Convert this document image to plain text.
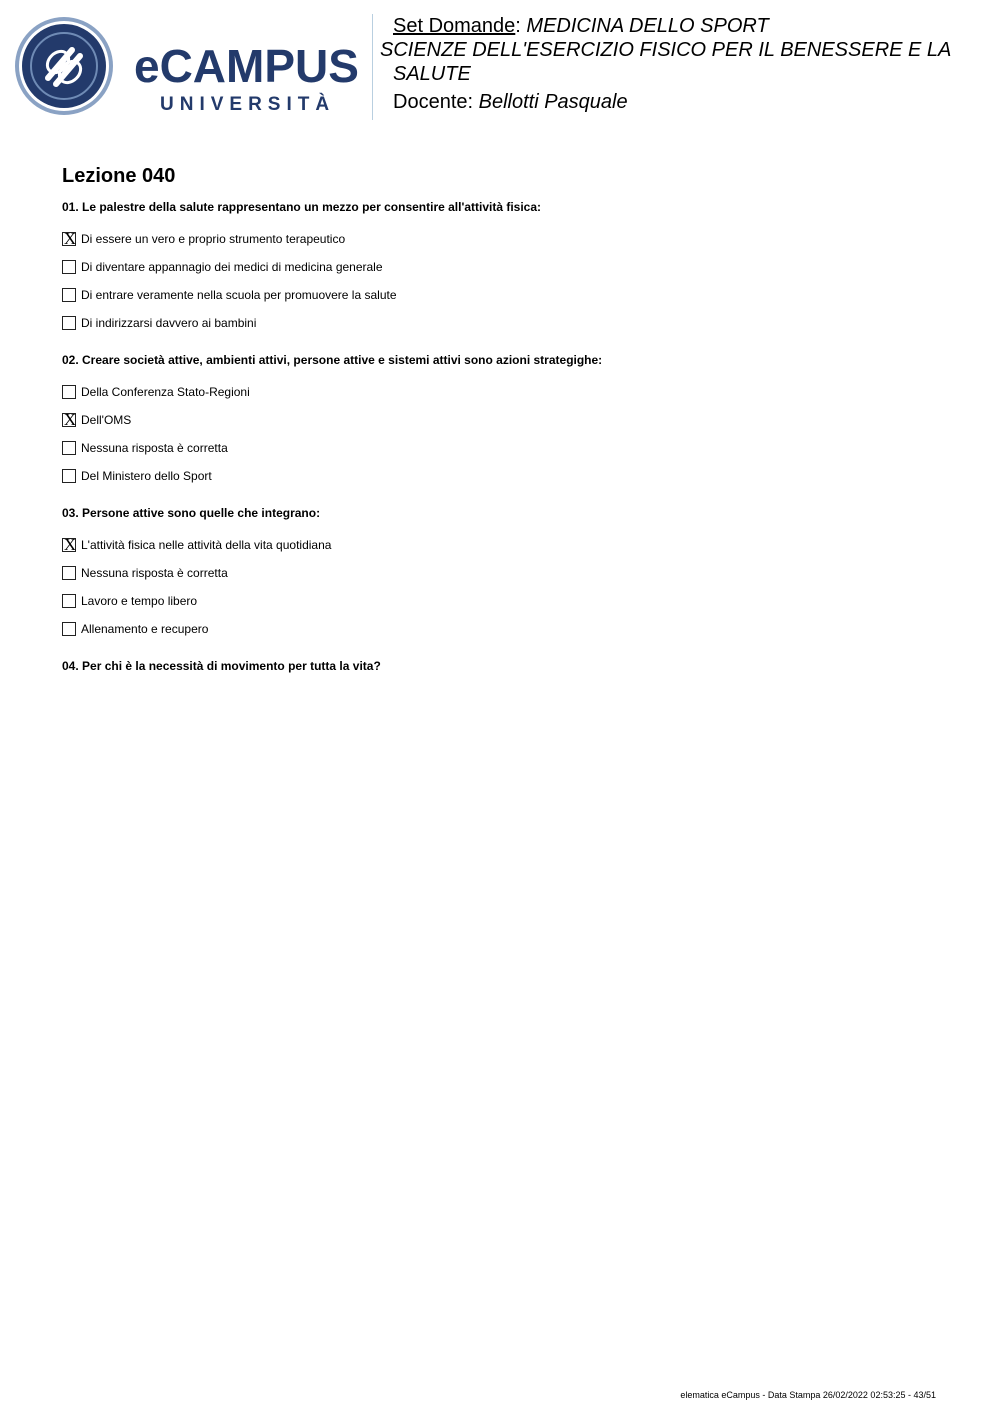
eCAMPUS
UNIVERSITÀ
Set Domande: MEDICINA DELLO SPORT
SCIENZE DELL'ESERCIZIO FISICO PER IL BENESSERE E LA
SALUTE
Docente: Bellotti Pasquale
Lezione 040
01. Le palestre della salute rappresentano un mezzo per consentire all'attività fisica:
X Di essere un vero e proprio strumento terapeutico
Di diventare appannagio dei medici di medicina generale
Di entrare veramente nella scuola per promuovere la salute
Di indirizzarsi davvero ai bambini
02. Creare società attive, ambienti attivi, persone attive e sistemi attivi sono azioni strategighe:
Della Conferenza Stato-Regioni
X Dell'OMS
Nessuna risposta è corretta
Del Ministero dello Sport
03. Persone attive sono quelle che integrano:
X L'attività fisica nelle attività della vita quotidiana
Nessuna risposta è corretta
Lavoro e tempo libero
Allenamento e recupero
04. Per chi è la necessità di movimento per tutta la vita?
elematica eCampus - Data Stampa 26/02/2022 02:53:25 - 43/51
